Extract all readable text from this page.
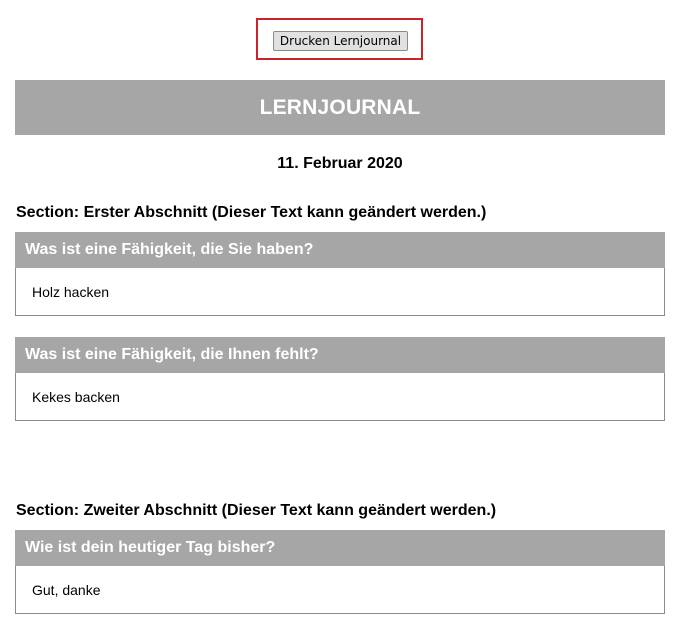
Drucken Lernjournal
LERNJOURNAL
11. Februar 2020
Section: Erster Abschnitt (Dieser Text kann geändert werden.)
Was ist eine Fähigkeit, die Sie haben?
Holz hacken
Was ist eine Fähigkeit, die Ihnen fehlt?
Kekes backen
Section: Zweiter Abschnitt (Dieser Text kann geändert werden.)
Wie ist dein heutiger Tag bisher?
Gut, danke
